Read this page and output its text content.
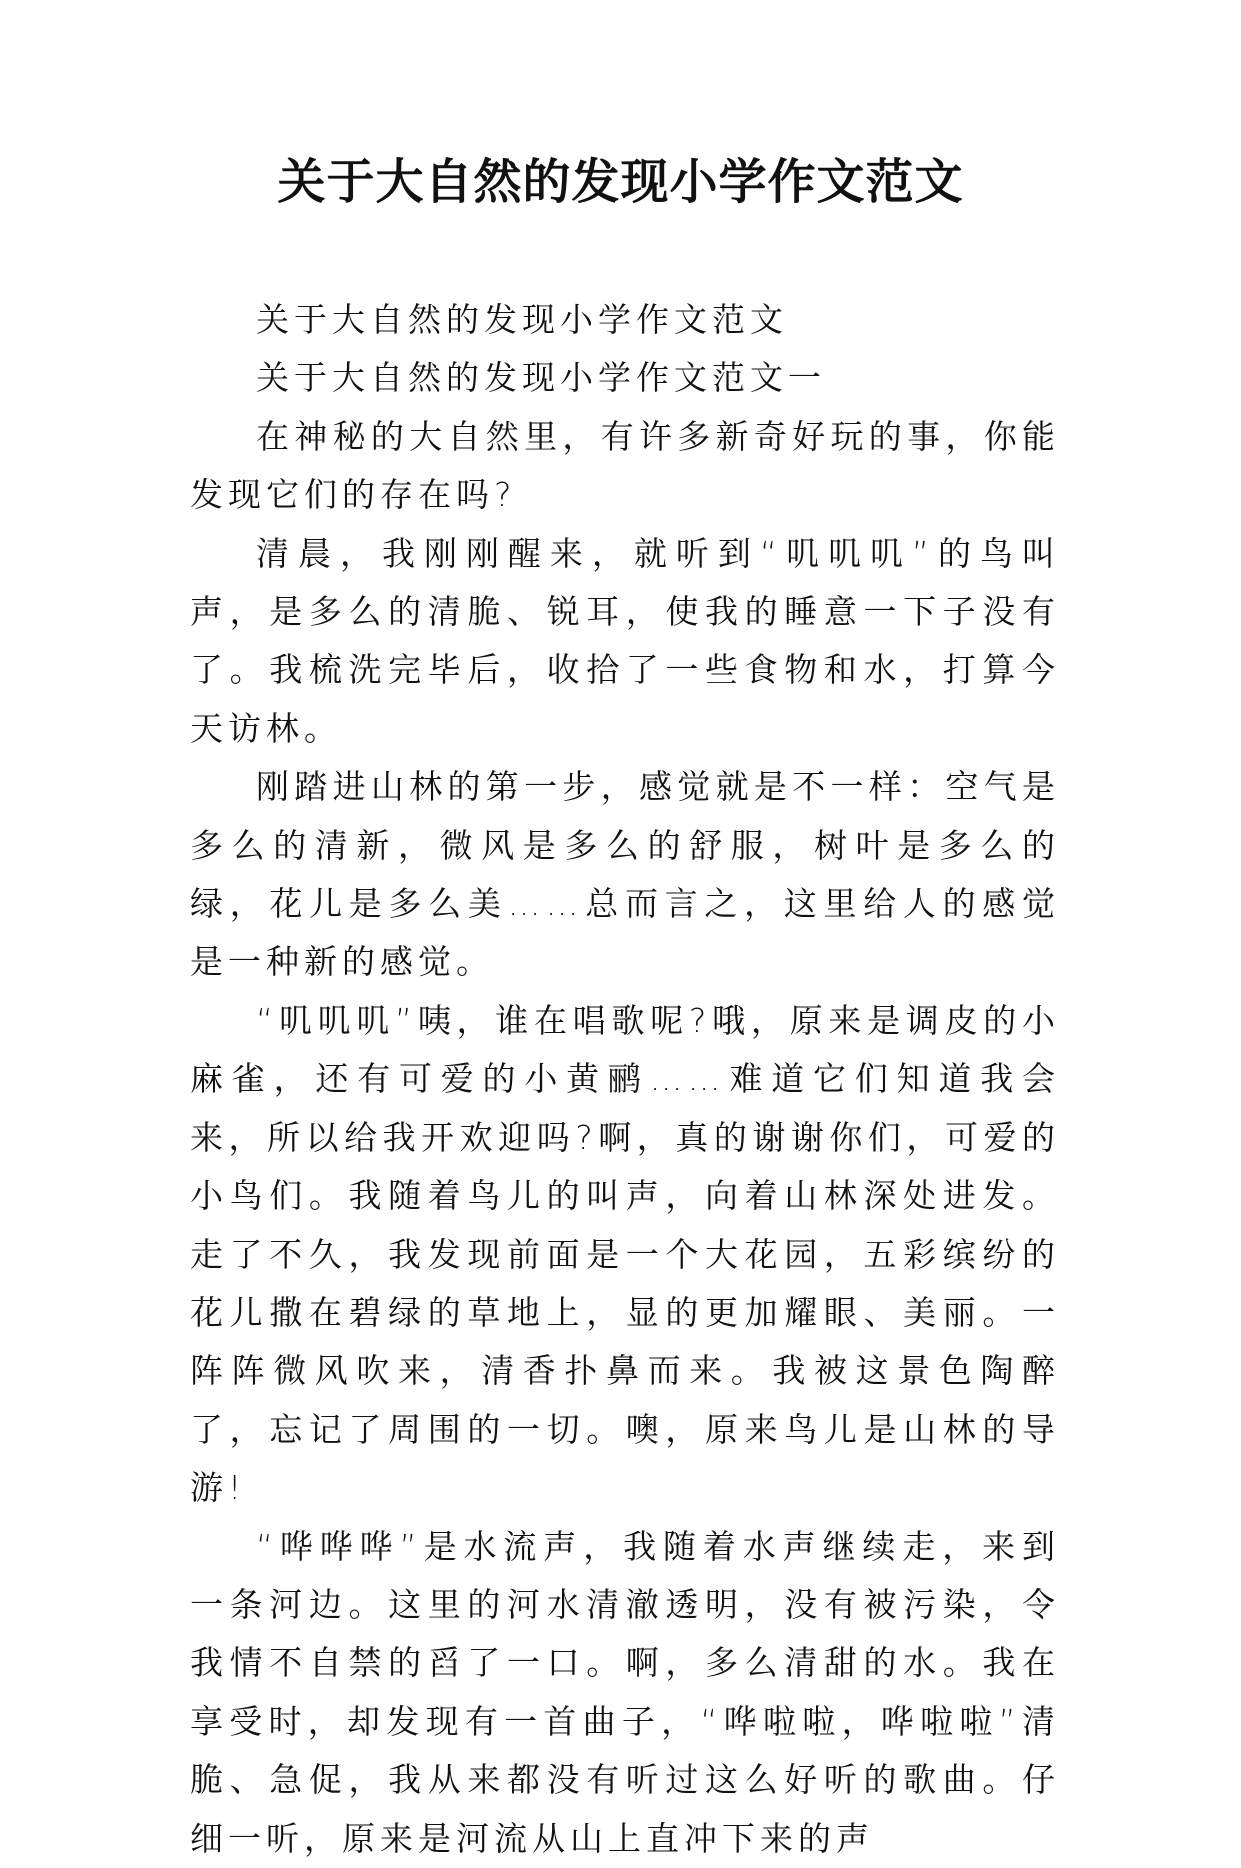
关于大自然的发现小学作文范文

关于大自然的发现小学作文范文

关于大自然的发现小学作文范文一

在神秘的大自然里，有许多新奇好玩的事，你能发现它们的存在吗?

清晨，我刚刚醒来，就听到“叽叽叽”的鸟叫声，是多么的清脆、锐耳，使我的睡意一下子没有了。我梳洗完毕后，收拾了一些食物和水，打算今天访林。

刚踏进山林的第一步，感觉就是不一样：空气是多么的清新，微风是多么的舒服，树叶是多么的绿，花儿是多么美……总而言之，这里给人的感觉是一种新的感觉。

“叽叽叽”咦，谁在唱歌呢?哦，原来是调皮的小麻雀，还有可爱的小黄鹂……难道它们知道我会来，所以给我开欢迎吗?啊，真的谢谢你们，可爱的小鸟们。我随着鸟儿的叫声，向着山林深处进发。走了不久，我发现前面是一个大花园，五彩缤纷的花儿撒在碧绿的草地上，显的更加耀眼、美丽。一阵阵微风吹来，清香扑鼻而来。我被这景色陶醉了，忘记了周围的一切。噢，原来鸟儿是山林的导游!

“哗哗哗”是水流声，我随着水声继续走，来到一条河边。这里的河水清澈透明，没有被污染，令我情不自禁的舀了一口。啊，多么清甜的水。我在享受时，却发现有一首曲子，“哗啦啦，哗啦啦”清脆、急促，我从来都没有听过这么好听的歌曲。仔细一听，原来是河流从山上直冲下来的声
